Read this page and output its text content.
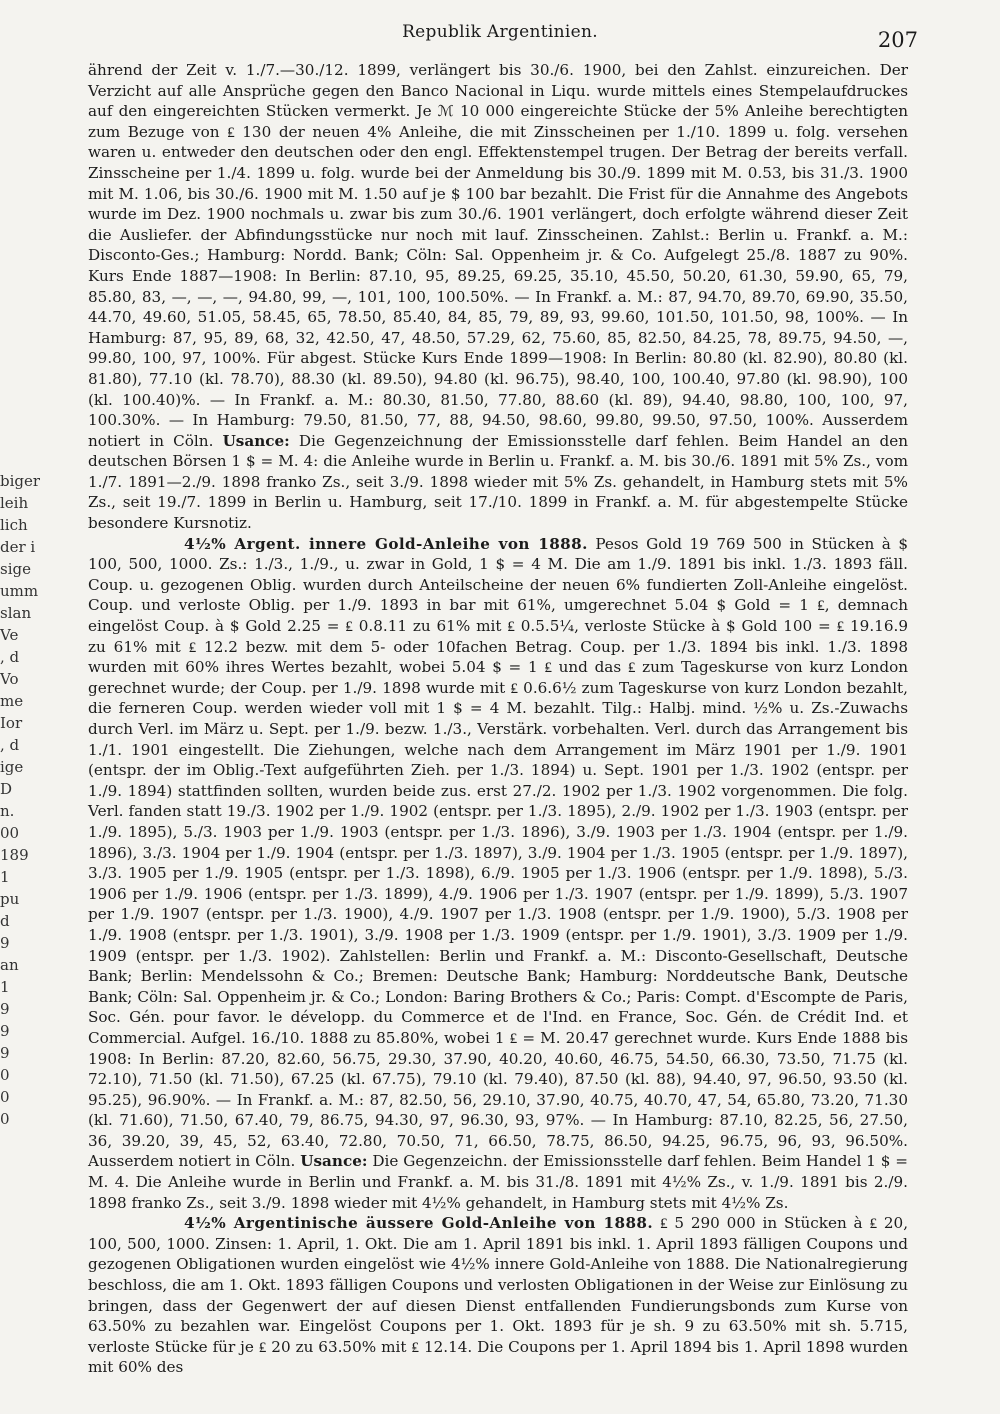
Republik Argentinien.	207
biger
leih
lich
der i
sige
umm
slan
Ve
, d
Vo
me
Ior
, d
ige
D
n.
00
189
1
pu
d
9
an
1
9
9
9
0
0
0

ährend der Zeit v. 1./7.—30./12. 1899, verlängert bis 30./6. 1900, bei den Zahlst. einzureichen. Der Verzicht auf alle Ansprüche gegen den Banco Nacional in Liqu. wurde mittels eines Stempelaufdruckes auf den eingereichten Stücken vermerkt. Je ℳ 10 000 eingereichte Stücke der 5% Anleihe berechtigten zum Bezuge von ₤ 130 der neuen 4% Anleihe, die mit Zinsscheinen per 1./10. 1899 u. folg. versehen waren u. entweder den deutschen oder den engl. Effektenstempel trugen. Der Betrag der bereits verfall. Zinsscheine per 1./4. 1899 u. folg. wurde bei der Anmeldung bis 30./9. 1899 mit M. 0.53, bis 31./3. 1900 mit M. 1.06, bis 30./6. 1900 mit M. 1.50 auf je $ 100 bar bezahlt. Die Frist für die Annahme des Angebots wurde im Dez. 1900 nochmals u. zwar bis zum 30./6. 1901 verlängert, doch erfolgte während dieser Zeit die Ausliefer. der Abfindungsstücke nur noch mit lauf. Zinsscheinen. Zahlst.: Berlin u. Frankf. a. M.: Disconto-Ges.; Hamburg: Nordd. Bank; Cöln: Sal. Oppenheim jr. & Co. Aufgelegt 25./8. 1887 zu 90%. Kurs Ende 1887—1908: In Berlin: 87.10, 95, 89.25, 69.25, 35.10, 45.50, 50.20, 61.30, 59.90, 65, 79, 85.80, 83, —, —, —, 94.80, 99, —, 101, 100, 100.50%. — In Frankf. a. M.: 87, 94.70, 89.70, 69.90, 35.50, 44.70, 49.60, 51.05, 58.45, 65, 78.50, 85.40, 84, 85, 79, 89, 93, 99.60, 101.50, 101.50, 98, 100%. — In Hamburg: 87, 95, 89, 68, 32, 42.50, 47, 48.50, 57.29, 62, 75.60, 85, 82.50, 84.25, 78, 89.75, 94.50, —, 99.80, 100, 97, 100%. Für abgest. Stücke Kurs Ende 1899—1908: In Berlin: 80.80 (kl. 82.90), 80.80 (kl. 81.80), 77.10 (kl. 78.70), 88.30 (kl. 89.50), 94.80 (kl. 96.75), 98.40, 100, 100.40, 97.80 (kl. 98.90), 100 (kl. 100.40)%. — In Frankf. a. M.: 80.30, 81.50, 77.80, 88.60 (kl. 89), 94.40, 98.80, 100, 100, 97, 100.30%. — In Hamburg: 79.50, 81.50, 77, 88, 94.50, 98.60, 99.80, 99.50, 97.50, 100%. Ausserdem notiert in Cöln. Usance: Die Gegenzeichnung der Emissionsstelle darf fehlen. Beim Handel an den deutschen Börsen 1 $ = M. 4: die Anleihe wurde in Berlin u. Frankf. a. M. bis 30./6. 1891 mit 5% Zs., vom 1./7. 1891—2./9. 1898 franko Zs., seit 3./9. 1898 wieder mit 5% Zs. gehandelt, in Hamburg stets mit 5% Zs., seit 19./7. 1899 in Berlin u. Hamburg, seit 17./10. 1899 in Frankf. a. M. für abgestempelte Stücke besondere Kursnotiz.

4½% Argent. innere Gold-Anleihe von 1888. Pesos Gold 19 769 500 in Stücken à $ 100, 500, 1000. Zs.: 1./3., 1./9., u. zwar in Gold, 1 $ = 4 M. Die am 1./9. 1891 bis inkl. 1./3. 1893 fäll. Coup. u. gezogenen Oblig. wurden durch Anteilscheine der neuen 6% fundierten Zoll-Anleihe eingelöst. Coup. und verloste Oblig. per 1./9. 1893 in bar mit 61%, umgerechnet 5.04 $ Gold = 1 ₤, demnach eingelöst Coup. à $ Gold 2.25 = ₤ 0.8.11 zu 61% mit ₤ 0.5.5¼, verloste Stücke à $ Gold 100 = ₤ 19.16.9 zu 61% mit ₤ 12.2 bezw. mit dem 5- oder 10fachen Betrag. Coup. per 1./3. 1894 bis inkl. 1./3. 1898 wurden mit 60% ihres Wertes bezahlt, wobei 5.04 $ = 1 ₤ und das ₤ zum Tageskurse von kurz London gerechnet wurde; der Coup. per 1./9. 1898 wurde mit ₤ 0.6.6½ zum Tageskurse von kurz London bezahlt, die ferneren Coup. werden wieder voll mit 1 $ = 4 M. bezahlt. Tilg.: Halbj. mind. ½% u. Zs.-Zuwachs durch Verl. im März u. Sept. per 1./9. bezw. 1./3., Verstärk. vorbehalten. Verl. durch das Arrangement bis 1./1. 1901 eingestellt. Die Ziehungen, welche nach dem Arrangement im März 1901 per 1./9. 1901 (entspr. der im Oblig.-Text aufgeführten Zieh. per 1./3. 1894) u. Sept. 1901 per 1./3. 1902 (entspr. per 1./9. 1894) stattfinden sollten, wurden beide zus. erst 27./2. 1902 per 1./3. 1902 vorgenommen. Die folg. Verl. fanden statt 19./3. 1902 per 1./9. 1902 (entspr. per 1./3. 1895), 2./9. 1902 per 1./3. 1903 (entspr. per 1./9. 1895), 5./3. 1903 per 1./9. 1903 (entspr. per 1./3. 1896), 3./9. 1903 per 1./3. 1904 (entspr. per 1./9. 1896), 3./3. 1904 per 1./9. 1904 (entspr. per 1./3. 1897), 3./9. 1904 per 1./3. 1905 (entspr. per 1./9. 1897), 3./3. 1905 per 1./9. 1905 (entspr. per 1./3. 1898), 6./9. 1905 per 1./3. 1906 (entspr. per 1./9. 1898), 5./3. 1906 per 1./9. 1906 (entspr. per 1./3. 1899), 4./9. 1906 per 1./3. 1907 (entspr. per 1./9. 1899), 5./3. 1907 per 1./9. 1907 (entspr. per 1./3. 1900), 4./9. 1907 per 1./3. 1908 (entspr. per 1./9. 1900), 5./3. 1908 per 1./9. 1908 (entspr. per 1./3. 1901), 3./9. 1908 per 1./3. 1909 (entspr. per 1./9. 1901), 3./3. 1909 per 1./9. 1909 (entspr. per 1./3. 1902). Zahlstellen: Berlin und Frankf. a. M.: Disconto-Gesellschaft, Deutsche Bank; Berlin: Mendelssohn & Co.; Bremen: Deutsche Bank; Hamburg: Norddeutsche Bank, Deutsche Bank; Cöln: Sal. Oppenheim jr. & Co.; London: Baring Brothers & Co.; Paris: Compt. d'Escompte de Paris, Soc. Gén. pour favor. le développ. du Commerce et de l'Ind. en France, Soc. Gén. de Crédit Ind. et Commercial. Aufgel. 16./10. 1888 zu 85.80%, wobei 1 ₤ = M. 20.47 gerechnet wurde. Kurs Ende 1888 bis 1908: In Berlin: 87.20, 82.60, 56.75, 29.30, 37.90, 40.20, 40.60, 46.75, 54.50, 66.30, 73.50, 71.75 (kl. 72.10), 71.50 (kl. 71.50), 67.25 (kl. 67.75), 79.10 (kl. 79.40), 87.50 (kl. 88), 94.40, 97, 96.50, 93.50 (kl. 95.25), 96.90%. — In Frankf. a. M.: 87, 82.50, 56, 29.10, 37.90, 40.75, 40.70, 47, 54, 65.80, 73.20, 71.30 (kl. 71.60), 71.50, 67.40, 79, 86.75, 94.30, 97, 96.30, 93, 97%. — In Hamburg: 87.10, 82.25, 56, 27.50, 36, 39.20, 39, 45, 52, 63.40, 72.80, 70.50, 71, 66.50, 78.75, 86.50, 94.25, 96.75, 96, 93, 96.50%. Ausserdem notiert in Cöln. Usance: Die Gegenzeichn. der Emissionsstelle darf fehlen. Beim Handel 1 $ = M. 4. Die Anleihe wurde in Berlin und Frankf. a. M. bis 31./8. 1891 mit 4½% Zs., v. 1./9. 1891 bis 2./9. 1898 franko Zs., seit 3./9. 1898 wieder mit 4½% gehandelt, in Hamburg stets mit 4½% Zs.

4½% Argentinische äussere Gold-Anleihe von 1888. ₤ 5 290 000 in Stücken à ₤ 20, 100, 500, 1000. Zinsen: 1. April, 1. Okt. Die am 1. April 1891 bis inkl. 1. April 1893 fälligen Coupons und gezogenen Obligationen wurden eingelöst wie 4½% innere Gold-Anleihe von 1888. Die Nationalregierung beschloss, die am 1. Okt. 1893 fälligen Coupons und verlosten Obligationen in der Weise zur Einlösung zu bringen, dass der Gegenwert der auf diesen Dienst entfallenden Fundierungsbonds zum Kurse von 63.50% zu bezahlen war. Eingelöst Coupons per 1. Okt. 1893 für je sh. 9 zu 63.50% mit sh. 5.715, verloste Stücke für je ₤ 20 zu 63.50% mit ₤ 12.14. Die Coupons per 1. April 1894 bis 1. April 1898 wurden mit 60% des
